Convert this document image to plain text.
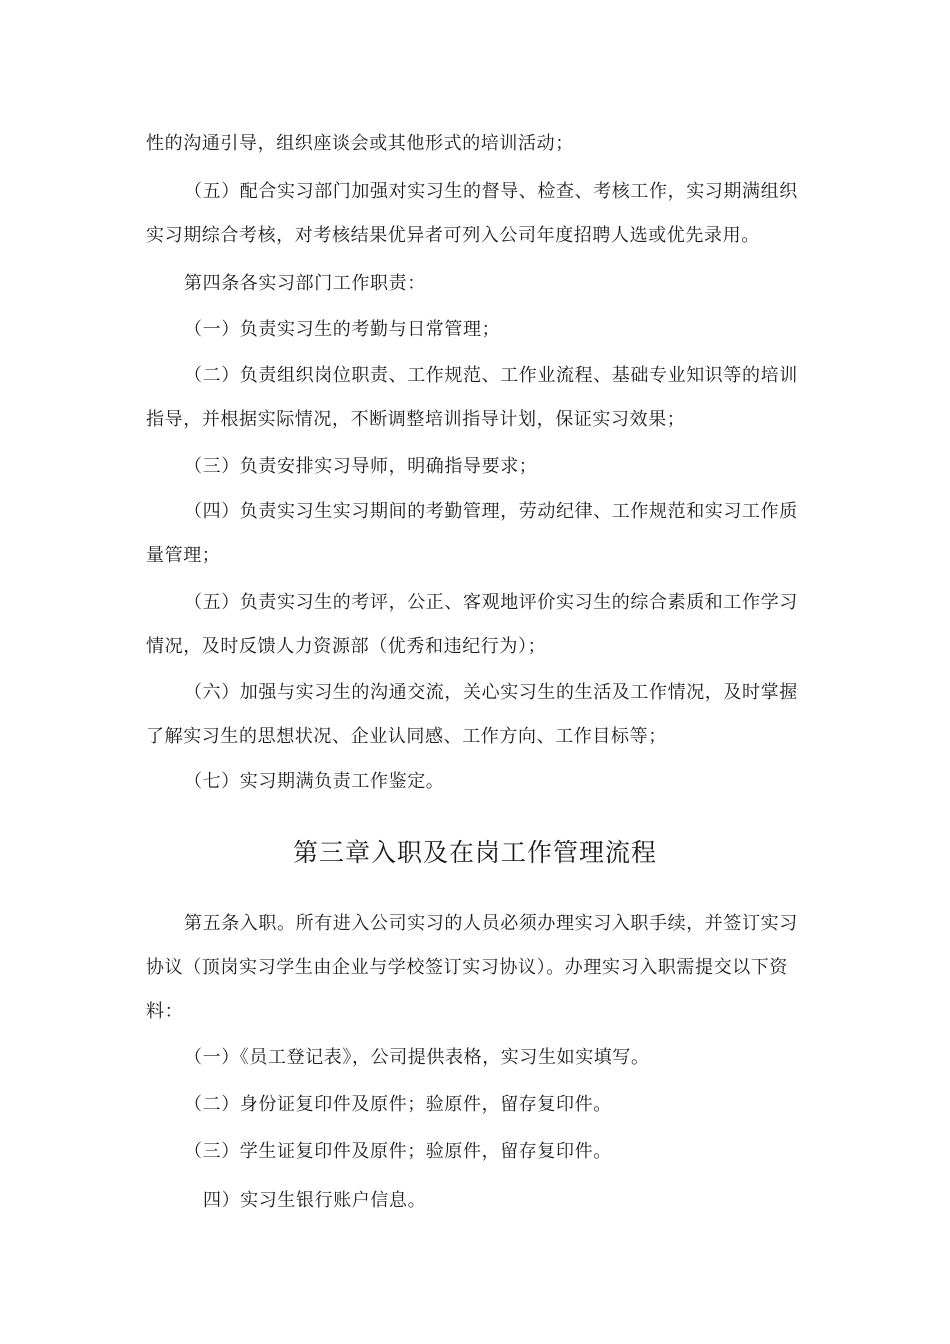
性的沟通引导，组织座谈会或其他形式的培训活动；
（五）配合实习部门加强对实习生的督导、检查、考核工作，实习期满组织
实习期综合考核，对考核结果优异者可列入公司年度招聘人选或优先录用。
第四条各实习部门工作职责：
（一）负责实习生的考勤与日常管理；
（二）负责组织岗位职责、工作规范、工作业流程、基础专业知识等的培训
指导，并根据实际情况，不断调整培训指导计划，保证实习效果；
（三）负责安排实习导师，明确指导要求；
（四）负责实习生实习期间的考勤管理，劳动纪律、工作规范和实习工作质
量管理；
（五）负责实习生的考评，公正、客观地评价实习生的综合素质和工作学习
情况，及时反馈人力资源部（优秀和违纪行为）；
（六）加强与实习生的沟通交流，关心实习生的生活及工作情况，及时掌握
了解实习生的思想状况、企业认同感、工作方向、工作目标等；
（七）实习期满负责工作鉴定。
第三章入职及在岗工作管理流程
第五条入职。所有进入公司实习的人员必须办理实习入职手续，并签订实习
协议（顶岗实习学生由企业与学校签订实习协议）。办理实习入职需提交以下资
料：
（一）《员工登记表》，公司提供表格，实习生如实填写。
（二）身份证复印件及原件；验原件，留存复印件。
（三）学生证复印件及原件；验原件，留存复印件。
四）实习生银行账户信息。
